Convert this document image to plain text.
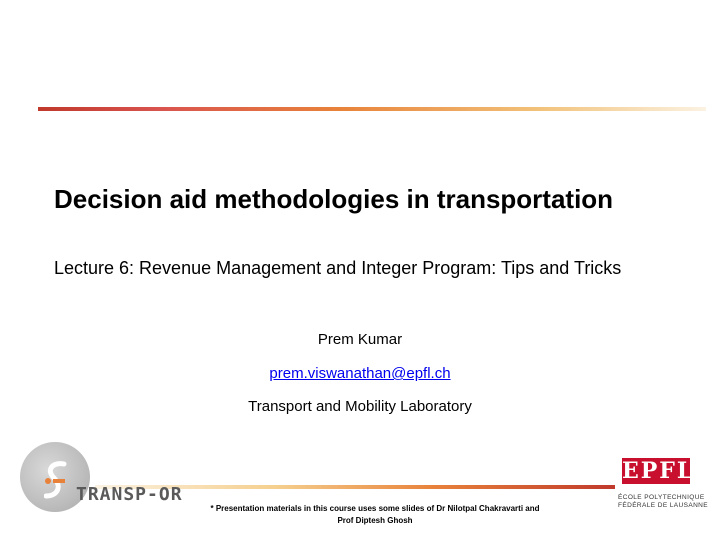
Decision aid methodologies in transportation
Lecture 6: Revenue Management and Integer Program: Tips and Tricks
Prem Kumar
prem.viswanathan@epfl.ch
Transport and Mobility Laboratory
TRANSP-OR
EPFL
ÉCOLE POLYTECHNIQUE
FÉDÉRALE DE LAUSANNE
* Presentation materials in this course uses some slides of Dr Nilotpal Chakravarti and
Prof Diptesh Ghosh
